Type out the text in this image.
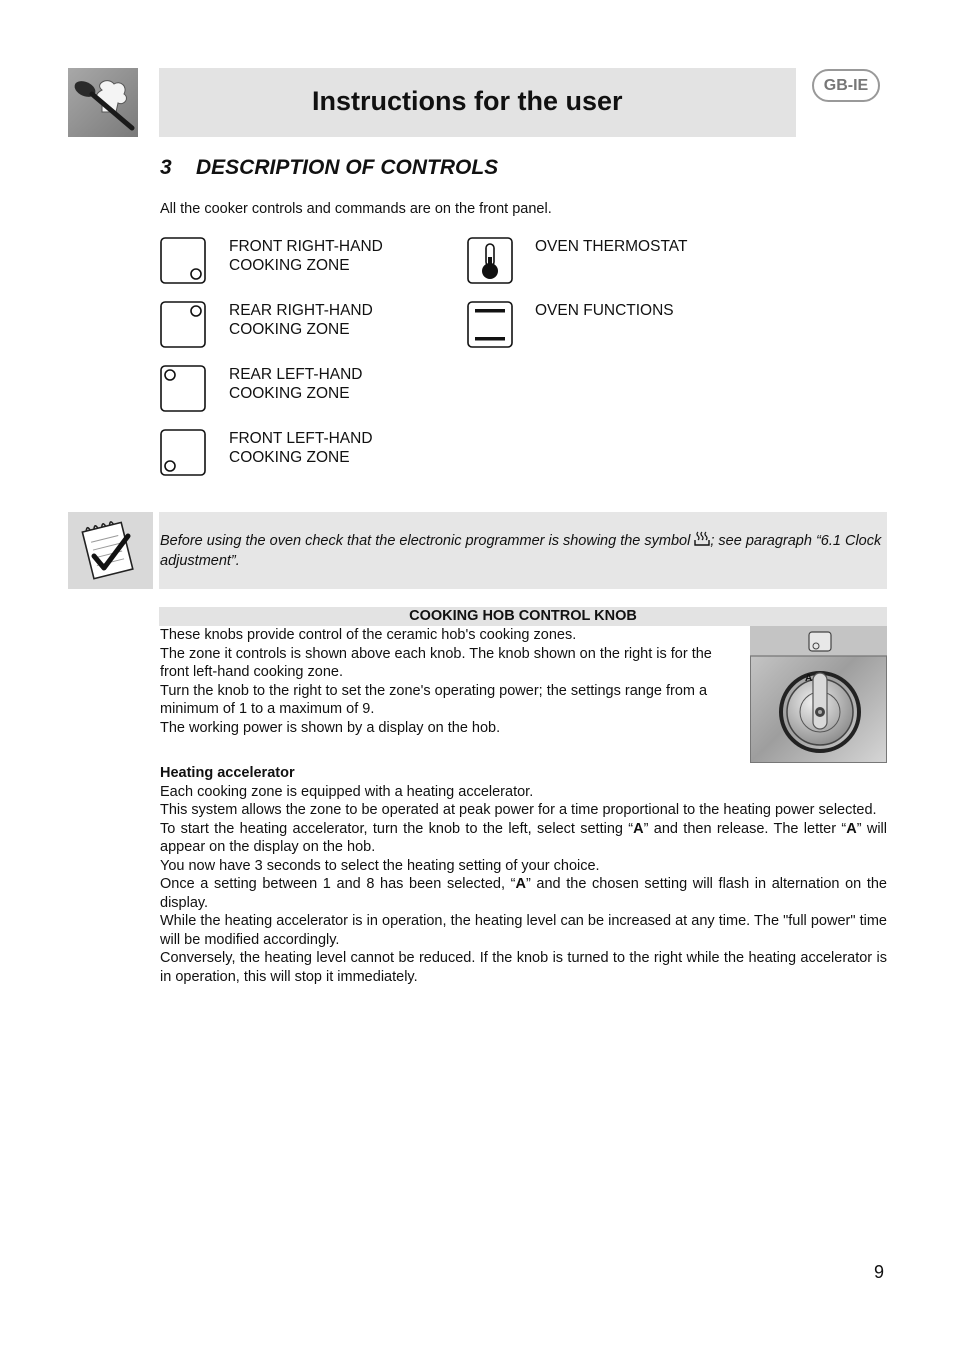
Instructions for the user
GB-IE
3 DESCRIPTION OF CONTROLS
All the cooker controls and commands are on the front panel.
FRONT RIGHT-HAND
COOKING ZONE
REAR RIGHT-HAND
COOKING ZONE
REAR LEFT-HAND
COOKING ZONE
FRONT LEFT-HAND
COOKING ZONE
OVEN THERMOSTAT
OVEN FUNCTIONS
Before using the oven check that the electronic programmer is showing the symbol ; see paragraph “6.1 Clock adjustment”.
COOKING HOB CONTROL KNOB
These knobs provide control of the ceramic hob's cooking zones.
The zone it controls is shown above each knob. The knob shown on the right is for the front left-hand cooking zone.
Turn the knob to the right to set the zone's operating power; the settings range from a minimum of 1 to a maximum of 9.
The working power is shown by a display on the hob.
A
Heating accelerator
Each cooking zone is equipped with a heating accelerator.
This system allows the zone to be operated at peak power for a time proportional to the heating power selected.
To start the heating accelerator, turn the knob to the left, select setting “A” and then release. The letter “A” will appear on the display on the hob.
You now have 3 seconds to select the heating setting of your choice.
Once a setting between 1 and 8 has been selected, “A” and the chosen setting will flash in alternation on the display.
While the heating accelerator is in operation, the heating level can be increased at any time. The "full power" time will be modified accordingly.
Conversely, the heating level cannot be reduced. If the knob is turned to the right while the heating accelerator is in operation, this will stop it immediately.
9
